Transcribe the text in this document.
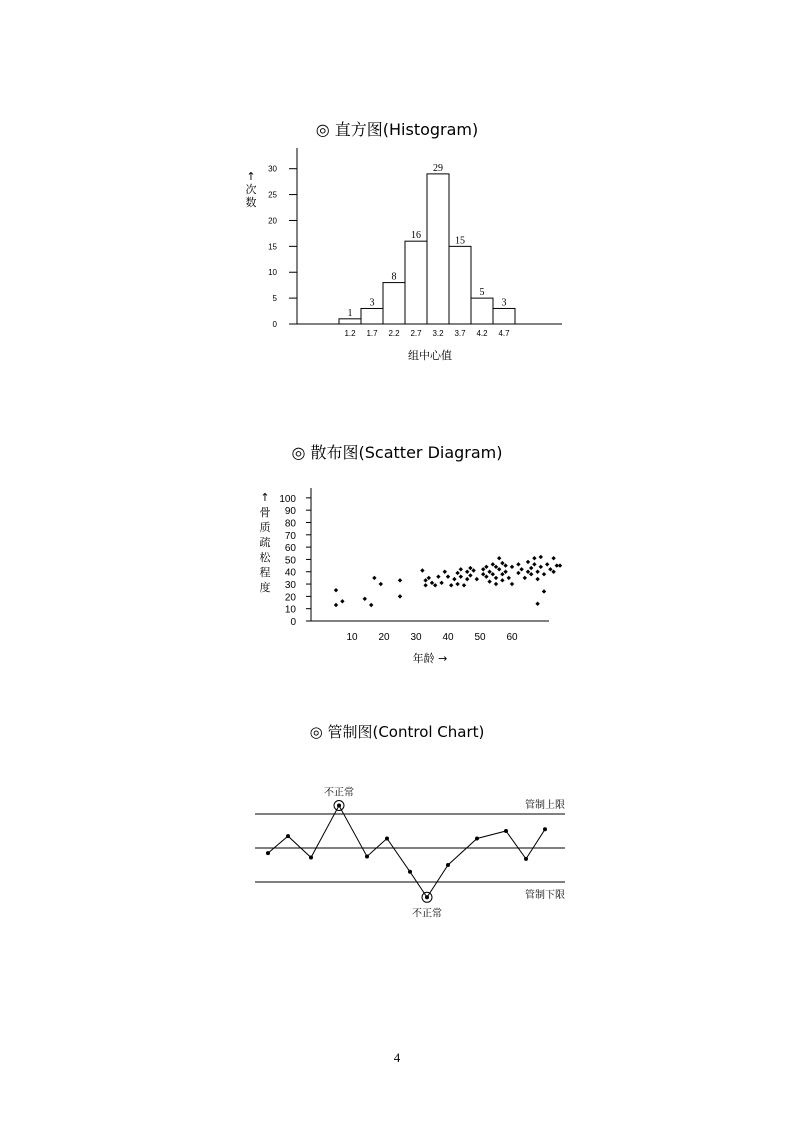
◎ 直方图(Histogram)
0
5
10
15
20
25
30
1
1.2
3
1.7
8
2.2
16
2.7
29
3.2
15
3.7
5
4.2
3
4.7
组中心值
↑次数
◎ 散布图(Scatter Diagram)
0
10
20
30
40
50
60
70
80
90
100
10 20 30 40 50 60
年龄 →
↑骨质疏松程度
◎ 管制图(Control Chart)
管制上限
管制下限
不正常
不正常
4
